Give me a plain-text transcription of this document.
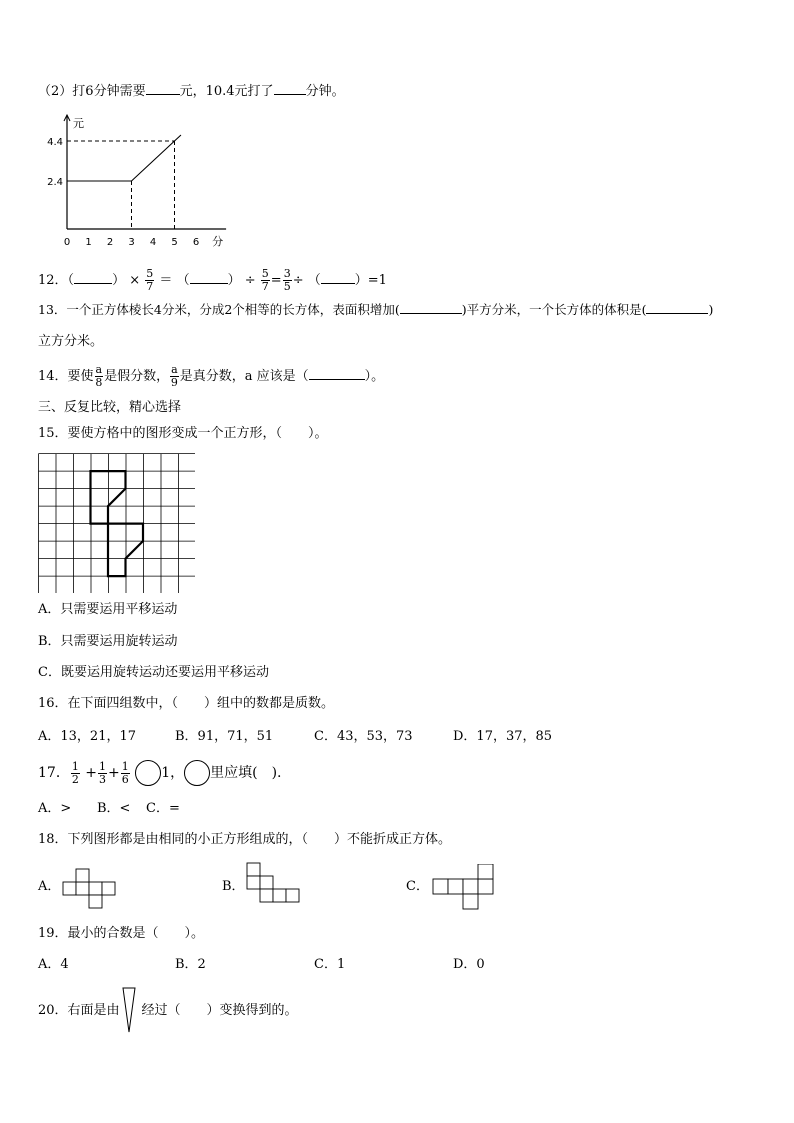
（2）打6分钟需要	元，10.4元打了 分钟。
0 1 2 3 4 5 6
2.4
4.4
元
分
12．（	） × $\frac{5}{7}$ ＝ （	） ÷ $\frac{5}{7} = \frac{3}{5}$ ÷ （	）=1
13．一个正方体棱长4分米，分成2个相等的长方体，表面积增加(	)平方分米，一个长方体的体积是(	)
立方分米。
14．要使 $\frac{a}{8}$ 是假分数， $\frac{a}{9}$ 是真分数，a 应该是（	）。
三、反复比较，精心选择
15．要使方格中的图形变成一个正方形，（　　）。
A．只需要运用平移运动
B．只需要运用旋转运动
C．既要运用旋转运动还要运用平移运动
16．在下面四组数中，（　　）组中的数都是质数。
A．13，21，17	B．91，71，51	C．43，53，73	D．17，37，85
17． $\frac{1}{2} + \frac{1}{3} + \frac{1}{6} 1$， 里应填(　).
A．> B．< C．=
18．下列图形都是由相同的小正方形组成的，（　　）不能折成正方体。
A．	B．	C．
19．最小的合数是（　　）。
A．4	B．2	C．1	D．0
20．右面是由 经过（　　）变换得到的。
